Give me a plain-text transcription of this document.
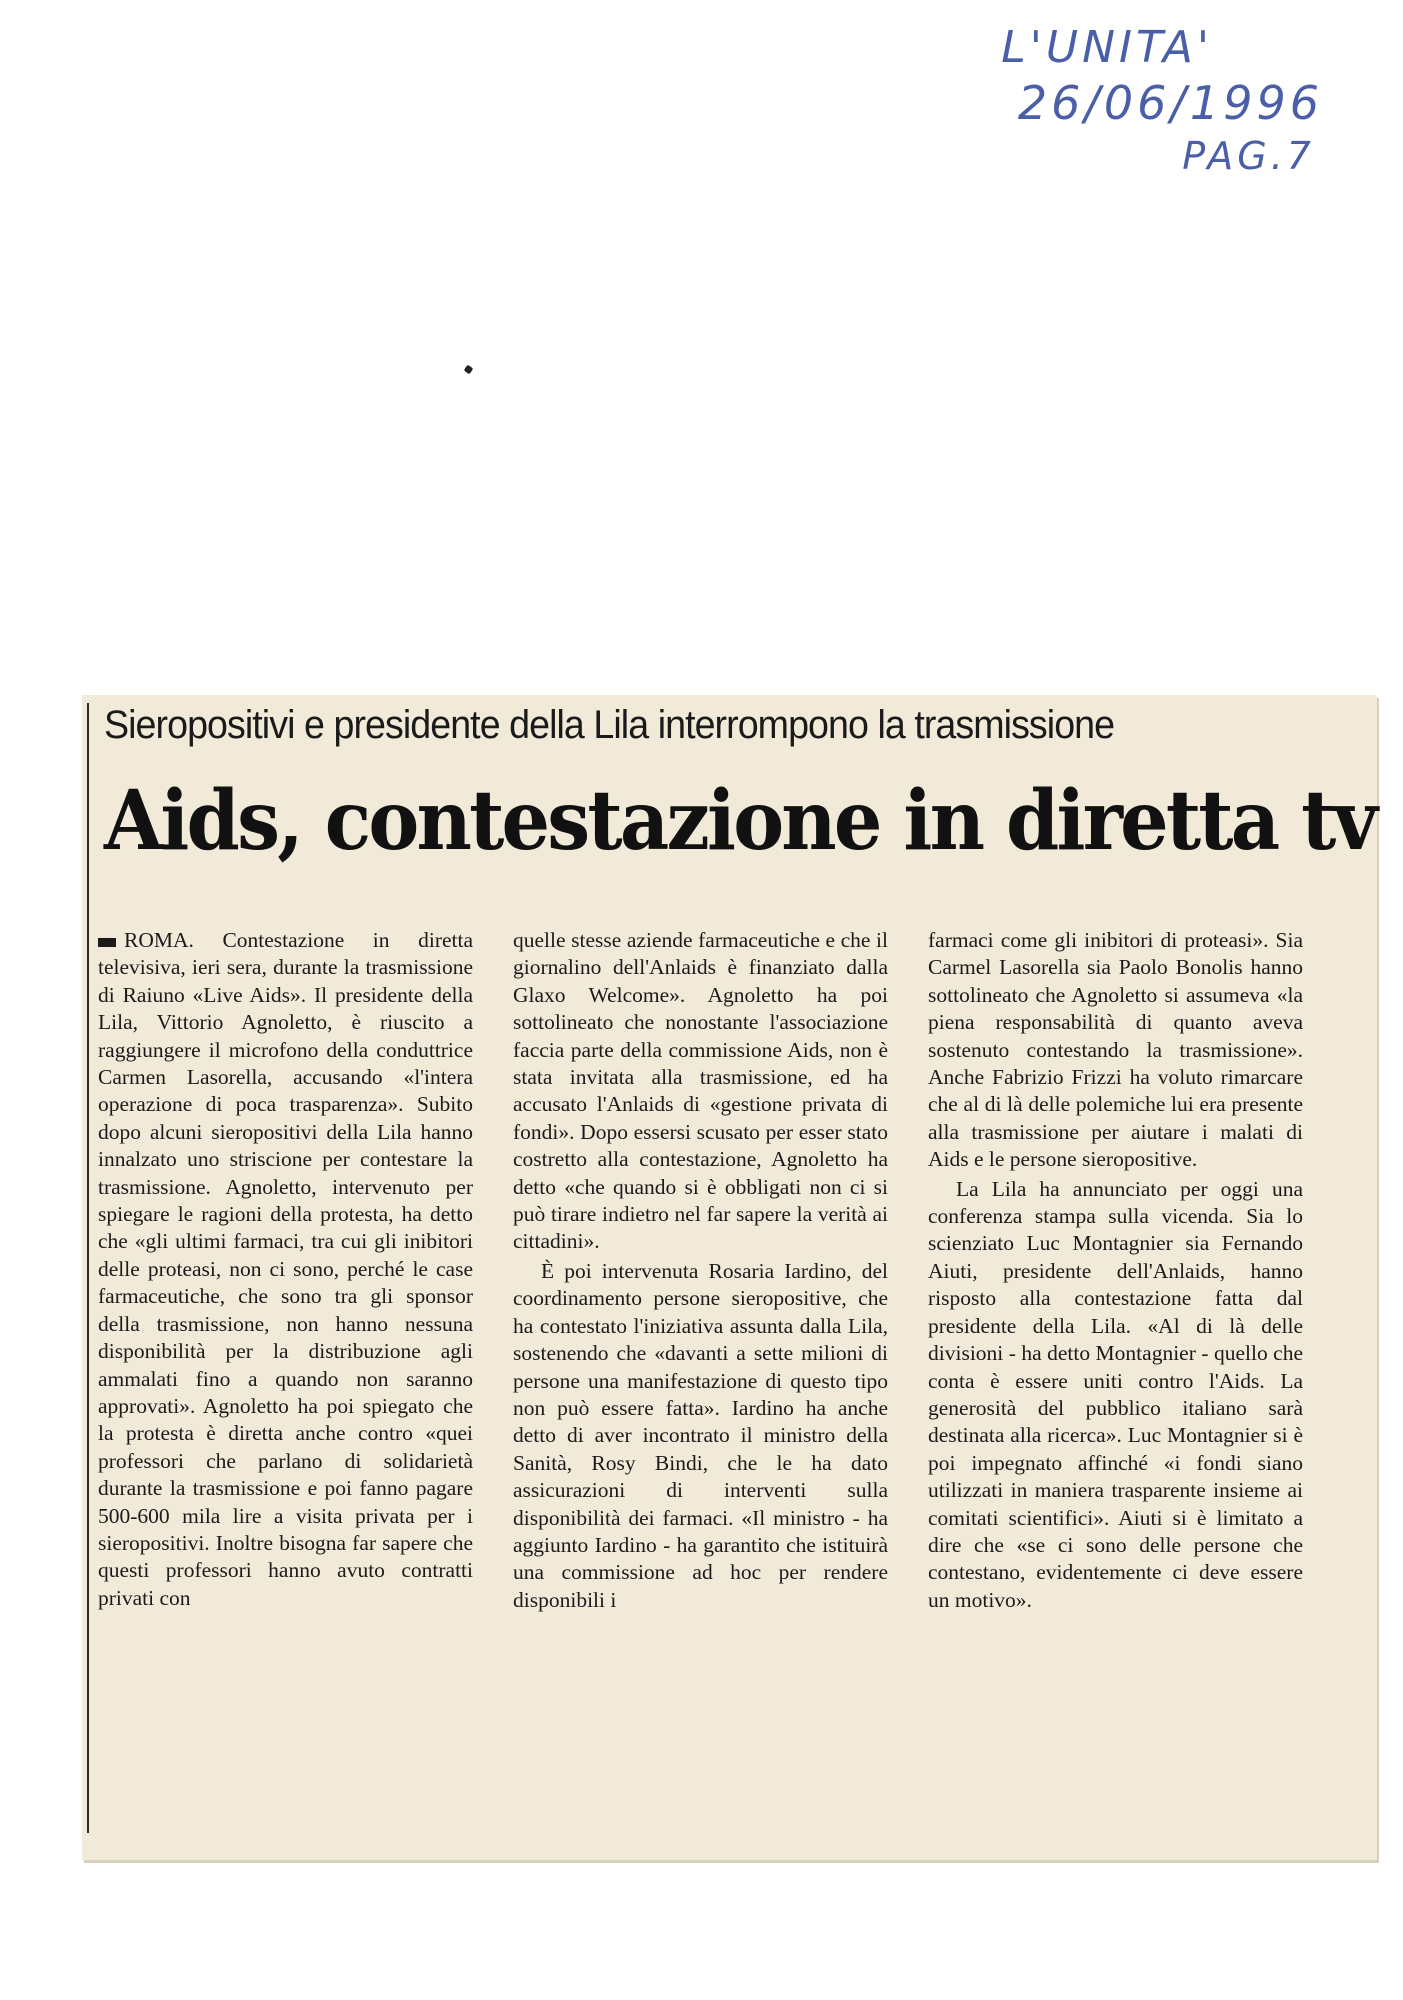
L'UNITA'
26/06/1996
PAG.7
Sieropositivi e presidente della Lila interrompono la trasmissione
Aids, contestazione in diretta tv

ROMA. Contestazione in diretta televisiva, ieri sera, durante la trasmissione di Raiuno «Live Aids». Il presidente della Lila, Vittorio Agnoletto, è riuscito a raggiungere il microfono della conduttrice Carmen Lasorella, accusando «l'intera operazione di poca trasparenza». Subito dopo alcuni sieropositivi della Lila hanno innalzato uno striscione per contestare la trasmissione. Agnoletto, intervenuto per spiegare le ragioni della protesta, ha detto che «gli ultimi farmaci, tra cui gli inibitori delle proteasi, non ci sono, perché le case farmaceutiche, che sono tra gli sponsor della trasmissione, non hanno nessuna disponibilità per la distribuzione agli ammalati fino a quando non saranno approvati». Agnoletto ha poi spiegato che la protesta è diretta anche contro «quei professori che parlano di solidarietà durante la trasmissione e poi fanno pagare 500-600 mila lire a visita privata per i sieropositivi. Inoltre bisogna far sapere che questi professori hanno avuto contratti privati con

quelle stesse aziende farmaceutiche e che il giornalino dell'Anlaids è finanziato dalla Glaxo Welcome». Agnoletto ha poi sottolineato che nonostante l'associazione faccia parte della commissione Aids, non è stata invitata alla trasmissione, ed ha accusato l'Anlaids di «gestione privata di fondi». Dopo essersi scusato per esser stato costretto alla contestazione, Agnoletto ha detto «che quando si è obbligati non ci si può tirare indietro nel far sapere la verità ai cittadini».

È poi intervenuta Rosaria Iardino, del coordinamento persone sieropositive, che ha contestato l'iniziativa assunta dalla Lila, sostenendo che «davanti a sette milioni di persone una manifestazione di questo tipo non può essere fatta». Iardino ha anche detto di aver incontrato il ministro della Sanità, Rosy Bindi, che le ha dato assicurazioni di interventi sulla disponibilità dei farmaci. «Il ministro - ha aggiunto Iardino - ha garantito che istituirà una commissione ad hoc per rendere disponibili i

farmaci come gli inibitori di proteasi». Sia Carmel Lasorella sia Paolo Bonolis hanno sottolineato che Agnoletto si assumeva «la piena responsabilità di quanto aveva sostenuto contestando la trasmissione». Anche Fabrizio Frizzi ha voluto rimarcare che al di là delle polemiche lui era presente alla trasmissione per aiutare i malati di Aids e le persone sieropositive.

La Lila ha annunciato per oggi una conferenza stampa sulla vicenda. Sia lo scienziato Luc Montagnier sia Fernando Aiuti, presidente dell'Anlaids, hanno risposto alla contestazione fatta dal presidente della Lila. «Al di là delle divisioni - ha detto Montagnier - quello che conta è essere uniti contro l'Aids. La generosità del pubblico italiano sarà destinata alla ricerca». Luc Montagnier si è poi impegnato affinché «i fondi siano utilizzati in maniera trasparente insieme ai comitati scientifici». Aiuti si è limitato a dire che «se ci sono delle persone che contestano, evidentemente ci deve essere un motivo».
